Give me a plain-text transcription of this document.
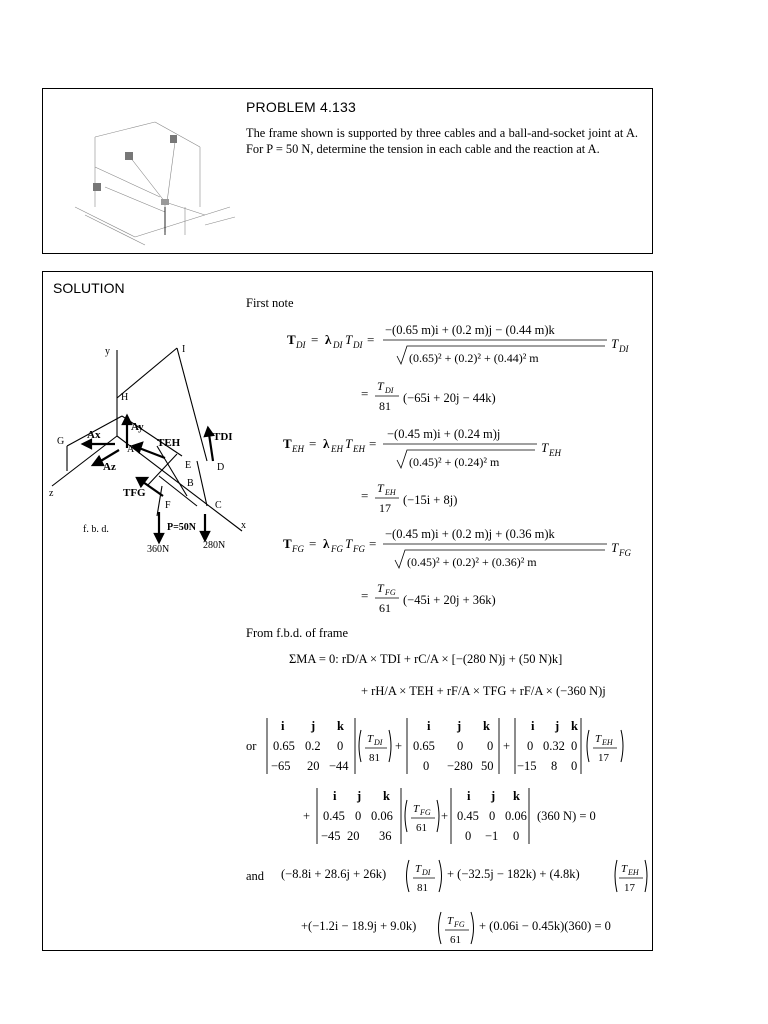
PROBLEM 4.133
The frame shown is supported by three cables and a ball-and-socket joint at A. For P = 50 N, determine the tension in each cable and the reaction at A.
SOLUTION
y	I
H
G
Ax
Ay
A
Az
TEH	TDI
E	D
B
TFG
F	C
z
x
P=50N
360N	280N
f. b. d.
First note
T DI = λ DI T DI =
−(0.65 m)i + (0.2 m)j − (0.44 m)k
(0.65)² + (0.2)² + (0.44)² m
T DI
= T DI
81
(−65i + 20j − 44k)
T EH = λ EH T EH =
−(0.45 m)i + (0.24 m)j
(0.45)² + (0.24)² m
T EH
= T EH
17
(−15i + 8j)
T FG = λ FG T FG =
−(0.45 m)i + (0.2 m)j + (0.36 m)k
(0.45)² + (0.2)² + (0.36)² m
T FG
= T FG
61
(−45i + 20j + 36k)
From f.b.d. of frame
ΣMA = 0: rD/A × TDI + rC/A × [−(280 N)j + (50 N)k]
+ rH/A × TEH + rF/A × TFG + rF/A × (−360 N)j
or
i j k
0.65 0.2 0
−65 20 −44
T DI
81
+
i j k
0.65 0 0
0 −280 50
+
i j k
0 0.32 0
−15 8 0
T EH
17
+
i j k
0.45 0 0.06
−45 20 36
T FG
61
+
i j k
0.45 0 0.06
0 −1 0
(360 N) = 0
and (−8.8i + 28.6j + 26k)	T DI
81
+ (−32.5j − 182k) + (4.8k)	T EH
17
+(−1.2i − 18.9j + 9.0k)	T FG
61
+ (0.06i − 0.45k)(360) = 0
